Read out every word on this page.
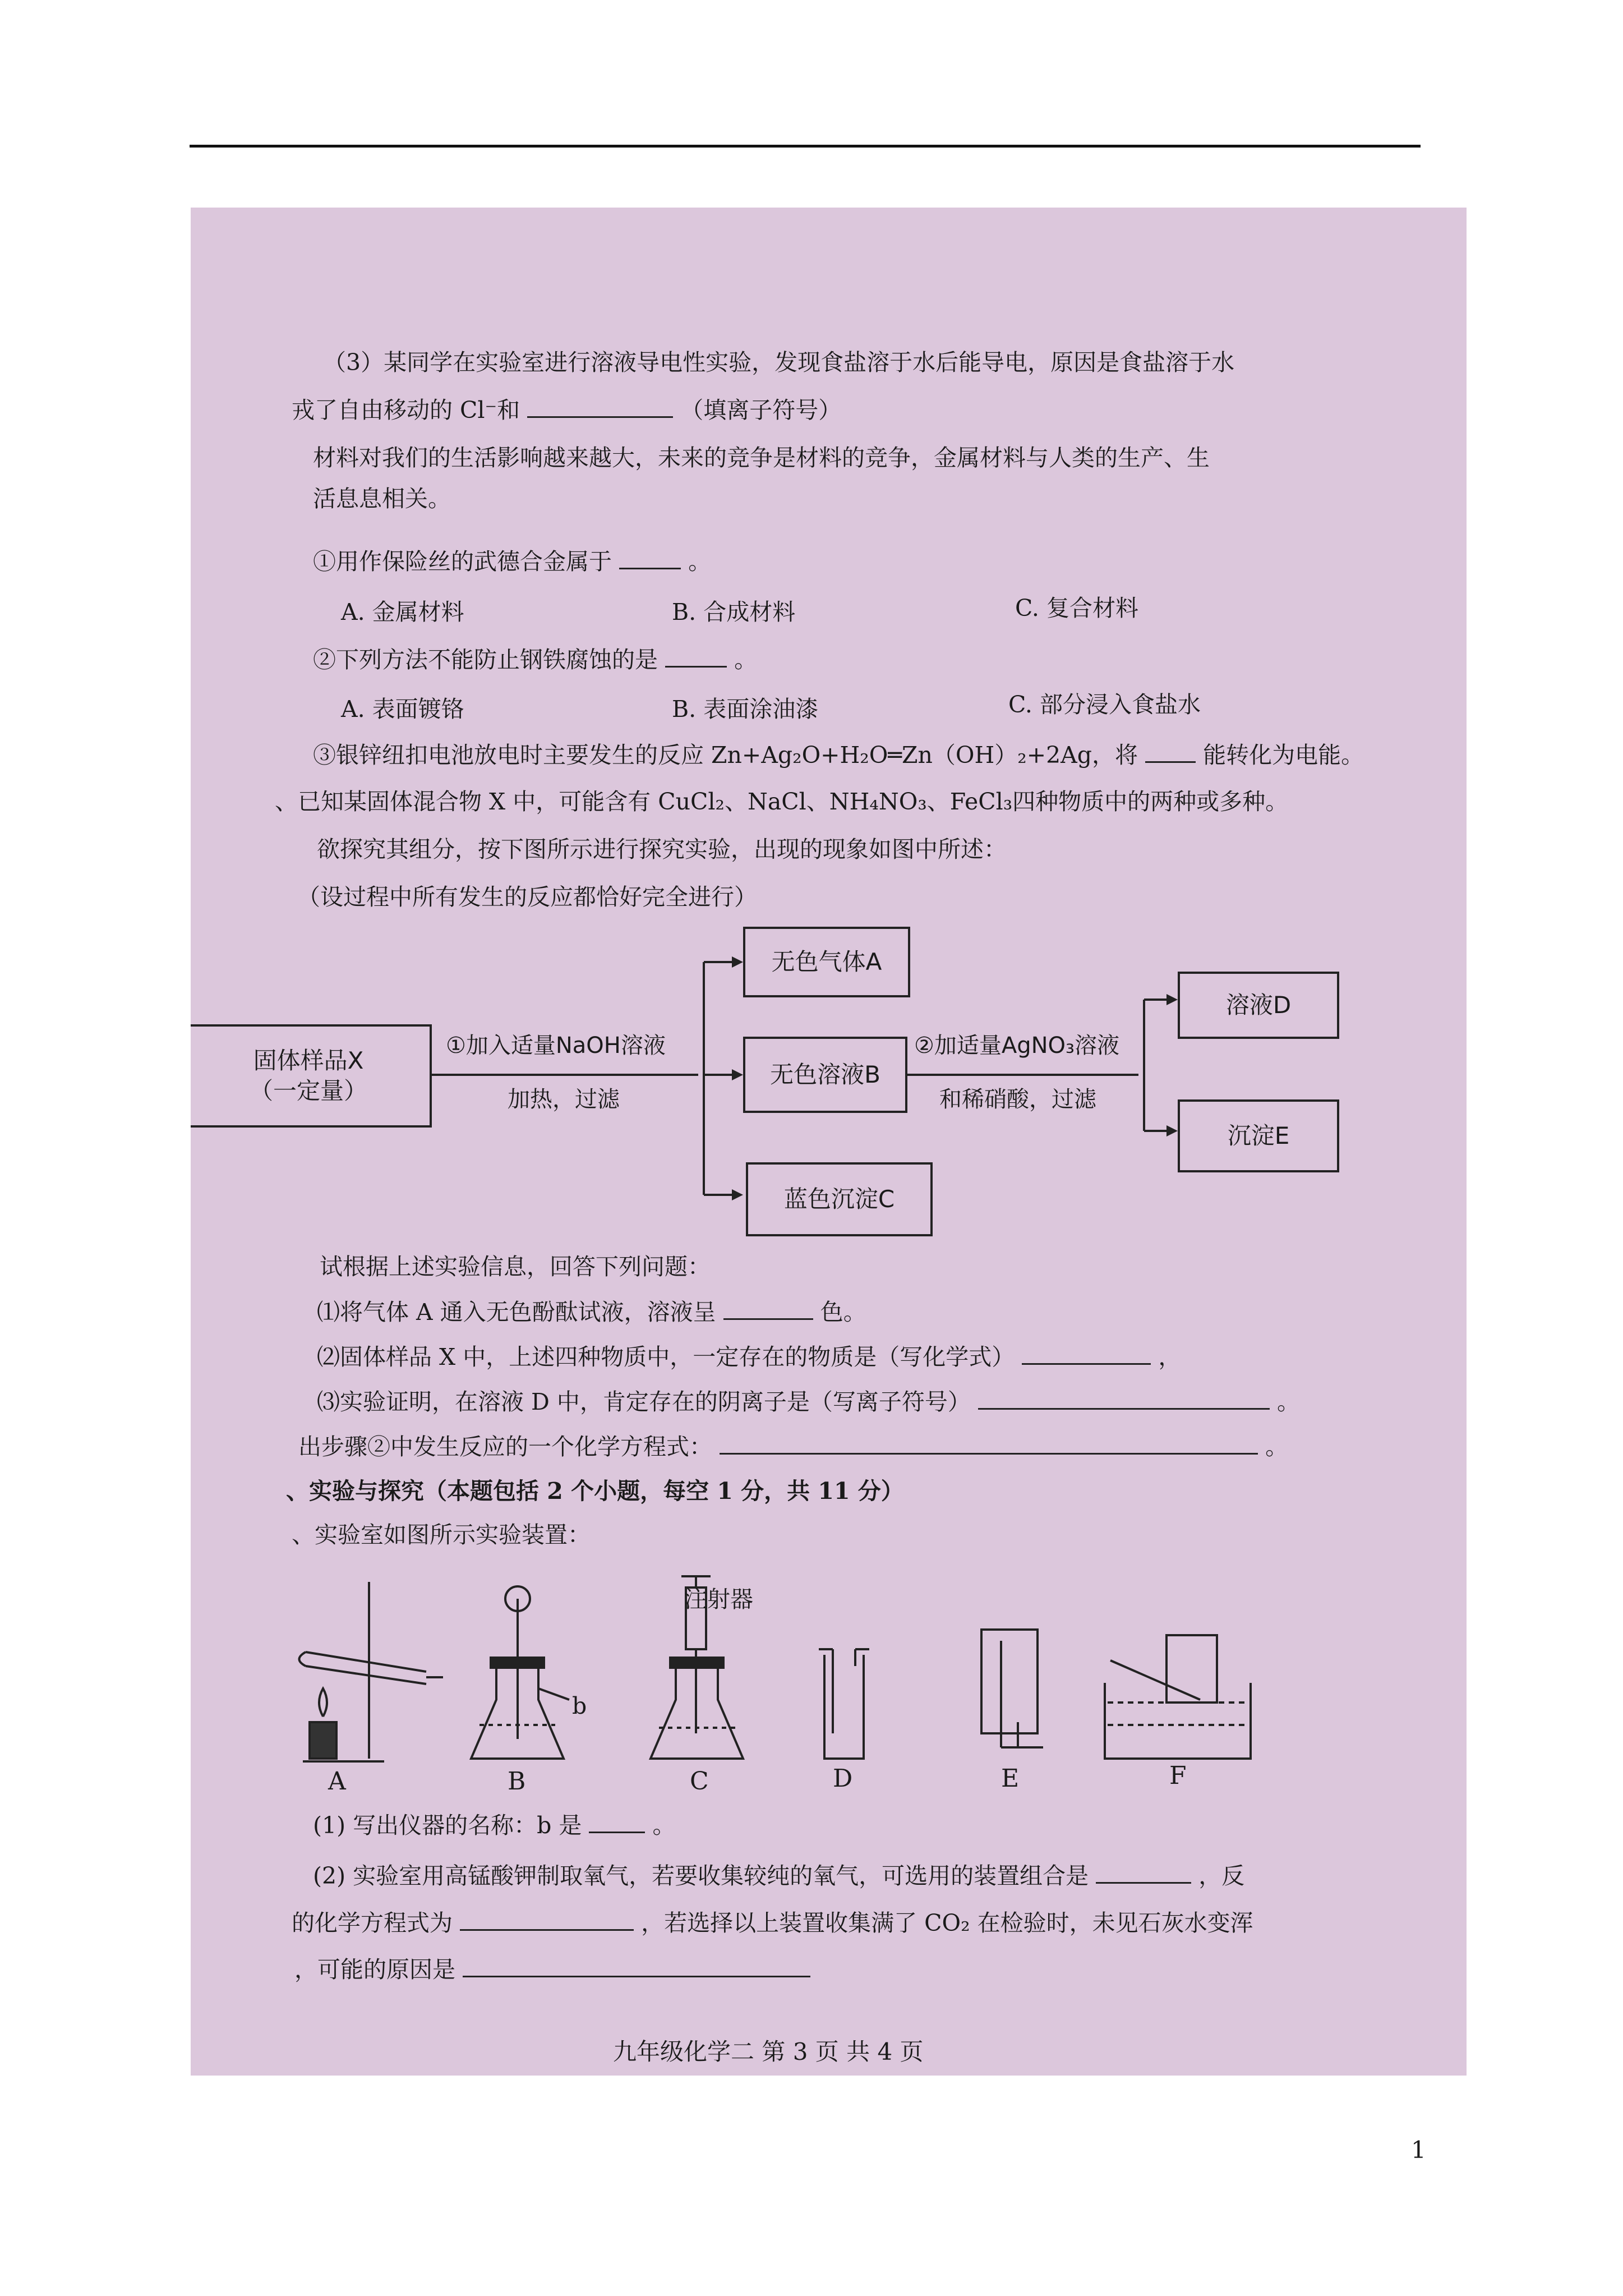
（3）某同学在实验室进行溶液导电性实验，发现食盐溶于水后能导电，原因是食盐溶于水
戎了自由移动的 Cl⁻和	（填离子符号）
材料对我们的生活影响越来越大，未来的竞争是材料的竞争，金属材料与人类的生产、生
活息息相关。
①用作保险丝的武德合金属于	。
A. 金属材料	B. 合成材料	C. 复合材料
②下列方法不能防止钢铁腐蚀的是	。
A. 表面镀铬	B. 表面涂油漆	C. 部分浸入食盐水
③银锌纽扣电池放电时主要发生的反应 Zn+Ag₂O+H₂O═Zn（OH）₂+2Ag，将	能转化为电能。
、已知某固体混合物 X 中，可能含有 CuCl₂、NaCl、NH₄NO₃、FeCl₃四种物质中的两种或多种。
欲探究其组分，按下图所示进行探究实验，出现的现象如图中所述：
（设过程中所有发生的反应都恰好完全进行）
固体样品X
（一定量）
①加入适量NaOH溶液
加热，过滤
无色气体A
无色溶液B
蓝色沉淀C
②加适量AgNO₃溶液
和稀硝酸，过滤
溶液D
沉淀E
试根据上述实验信息，回答下列问题：
⑴将气体 A 通入无色酚酞试液，溶液呈	色。
⑵固体样品 X 中，上述四种物质中，一定存在的物质是（写化学式）	，
⑶实验证明，在溶液 D 中，肯定存在的阴离子是（写离子符号）	。
出步骤②中发生反应的一个化学方程式：	。
、实验与探究（本题包括 2 个小题，每空 1 分，共 11 分）
、实验室如图所示实验装置：
注射器
b
A	B	C	D	E	F
(1) 写出仪器的名称：b 是	。
(2) 实验室用高锰酸钾制取氧气，若要收集较纯的氧气，可选用的装置组合是	，反
的化学方程式为	，若选择以上装置收集满了 CO₂ 在检验时，未见石灰水变浑
，可能的原因是
九年级化学二 第 3 页 共 4 页
1
